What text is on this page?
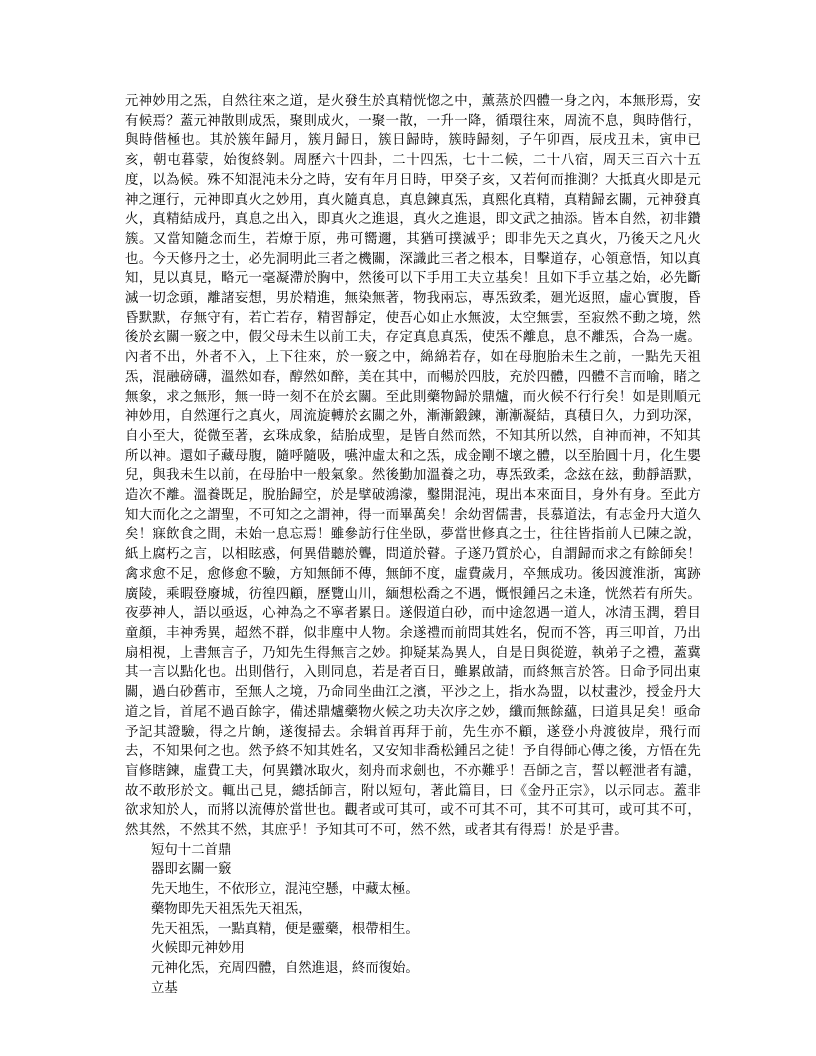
元神妙用之炁，自然往來之道，是火發生於真精恍惚之中，薰蒸於四體一身之內，本無形焉，安有候焉？蓋元神散則成炁，聚則成火，一聚一散，一升一降，循環往來，周流不息，與時偕行，與時偕極也。其於簇年歸月，簇月歸日，簇日歸時，簇時歸刻，子午卯酉，辰戌丑未，寅申已亥，朝屯暮蒙，始復終剝。周歷六十四卦，二十四炁，七十二候，二十八宿，周天三百六十五度，以為候。殊不知混沌未分之時，安有年月日時，甲癸子亥，又若何而推測？大抵真火即是元神之運行，元神即真火之妙用，真火隨真息，真息鍊真炁，真熙化真精，真精歸玄關，元神發真火，真精結成丹，真息之出入，即真火之進退，真火之進退，即文武之抽添。皆本自然，初非鑽簇。又當知隨念而生，若燎于原，弗可嚮邇，其猶可撲滅乎；即非先天之真火，乃後天之凡火也。今天修丹之士，必先洞明此三者之機關，深識此三者之根本，目擊道存，心領意悟，知以真知，見以真見，略元一毫凝滯於胸中，然後可以下手用工夫立基矣！且如下手立基之始，必先斷滅一切念頭，離諸妄想，男於精進，無染無著，物我兩忘，專炁致柔，廻光返照，虛心實腹，昏昏默默，存無守有，若亡若存，精習靜定，使吾心如止水無波，太空無雲，至寂然不動之境，然後於玄關一竅之中，假父母未生以前工夫，存定真息真炁，使炁不離息，息不離炁，合為一處。內者不出，外者不入，上下往來，於一竅之中，綿綿若存，如在母胞胎未生之前，一點先天祖炁，混融磅礴，溫然如春，醇然如醉，美在其中，而暢於四肢，充於四體，四體不言而喻，睹之無象，求之無形，無一時一刻不在於玄關。至此則藥物歸於鼎爐，而火候不行行矣！如是則順元神妙用，自然運行之真火，周流旋轉於玄關之外，漸漸鍛鍊，漸漸凝結，真積日久，力到功深，自小至大，從微至著，玄珠成象，結胎成聖，是皆自然而然，不知其所以然，自神而神，不知其所以神。還如子藏母腹，隨呼隨吸，嚥沖虛太和之炁，成金剛不壞之體，以至胎圓十月，化生嬰兒，與我未生以前，在母胎中一般氣象。然後勤加溫養之功，專炁致柔，念玆在玆，動靜語默，造次不離。溫養既足，脫胎歸空，於是擘破鴻濛，鑿開混沌，現出本來面目，身外有身。至此方知大而化之之謂聖，不可知之之謂神，得一而畢萬矣！余幼習儒書，長慕道法，有志金丹大道久矣！寐飲食之間，未始一息忘焉！雖參訪行住坐臥，夢當世修真之士，往往皆指前人已陳之說，紙上腐朽之言，以相眩惑，何異借聽於聾，問道於瞽。子遂乃質於心，自謂歸而求之有餘師矣！禽求愈不足，愈修愈不驗，方知無師不傳，無師不度，虛費歲月，卒無成功。後因渡淮浙，寓跡廣陵，乘暇登廢城，彷徨四顧，歷覽山川，緬想松喬之不遇，慨恨鍾呂之未逢，恍然若有所失。夜夢神人，語以亟返，心神為之不寧者累日。遂假道白砂，而中途忽遇一道人，冰清玉潤，碧目童顏，丰神秀異，超然不群，似非塵中人物。余遂禮而前問其姓名，倪而不答，再三叩首，乃出扇相視，上書無言子，乃知先生得無言之妙。抑疑某為異人，自是日與從遊，執弟子之禮，蓋冀其一言以點化也。出則偕行，入則同息，若是者百日，雖累啟請，而終無言於答。日命予同出東關，過白砂舊市，至無人之境，乃命同坐曲江之濱，平沙之上，指水為盟，以杖畫沙，授金丹大道之旨，首尾不過百餘字，備述鼎爐藥物火候之功夫次序之妙，纖而無餘蘊，曰道具足矣！亟命予記其證驗，得之片餉，遂復掃去。余辑首再拜于前，先生亦不顧，遂登小舟渡彼岸，飛行而去，不知果何之也。然予終不知其姓名，又安知非喬松鍾呂之徒！予自得師心傳之後，方悟在先盲修瞎鍊，虛費工夫，何異鑽冰取火，刻舟而求劍也，不亦難乎！吾師之言，誓以輕泄者有譴，故不敢形於文。輒出己見，總括師言，附以短句，著此篇目，曰《金丹正宗》，以示同志。蓋非欲求知於人，而將以流傳於當世也。觀者或可其可，或不可其不可，其不可其可，或可其不可，然其然，不然其不然，其庶乎！予知其可不可，然不然，或者其有得焉！於是乎書。

短句十二首鼎
器即玄關一竅
先天地生，不依形立，混沌空懸，中藏太極。
藥物即先天祖炁先天祖炁，
先天祖炁，一點真精，便是靈藥，根帶相生。
火候即元神妙用
元神化炁，充周四體，自然進退，終而復始。
立基
